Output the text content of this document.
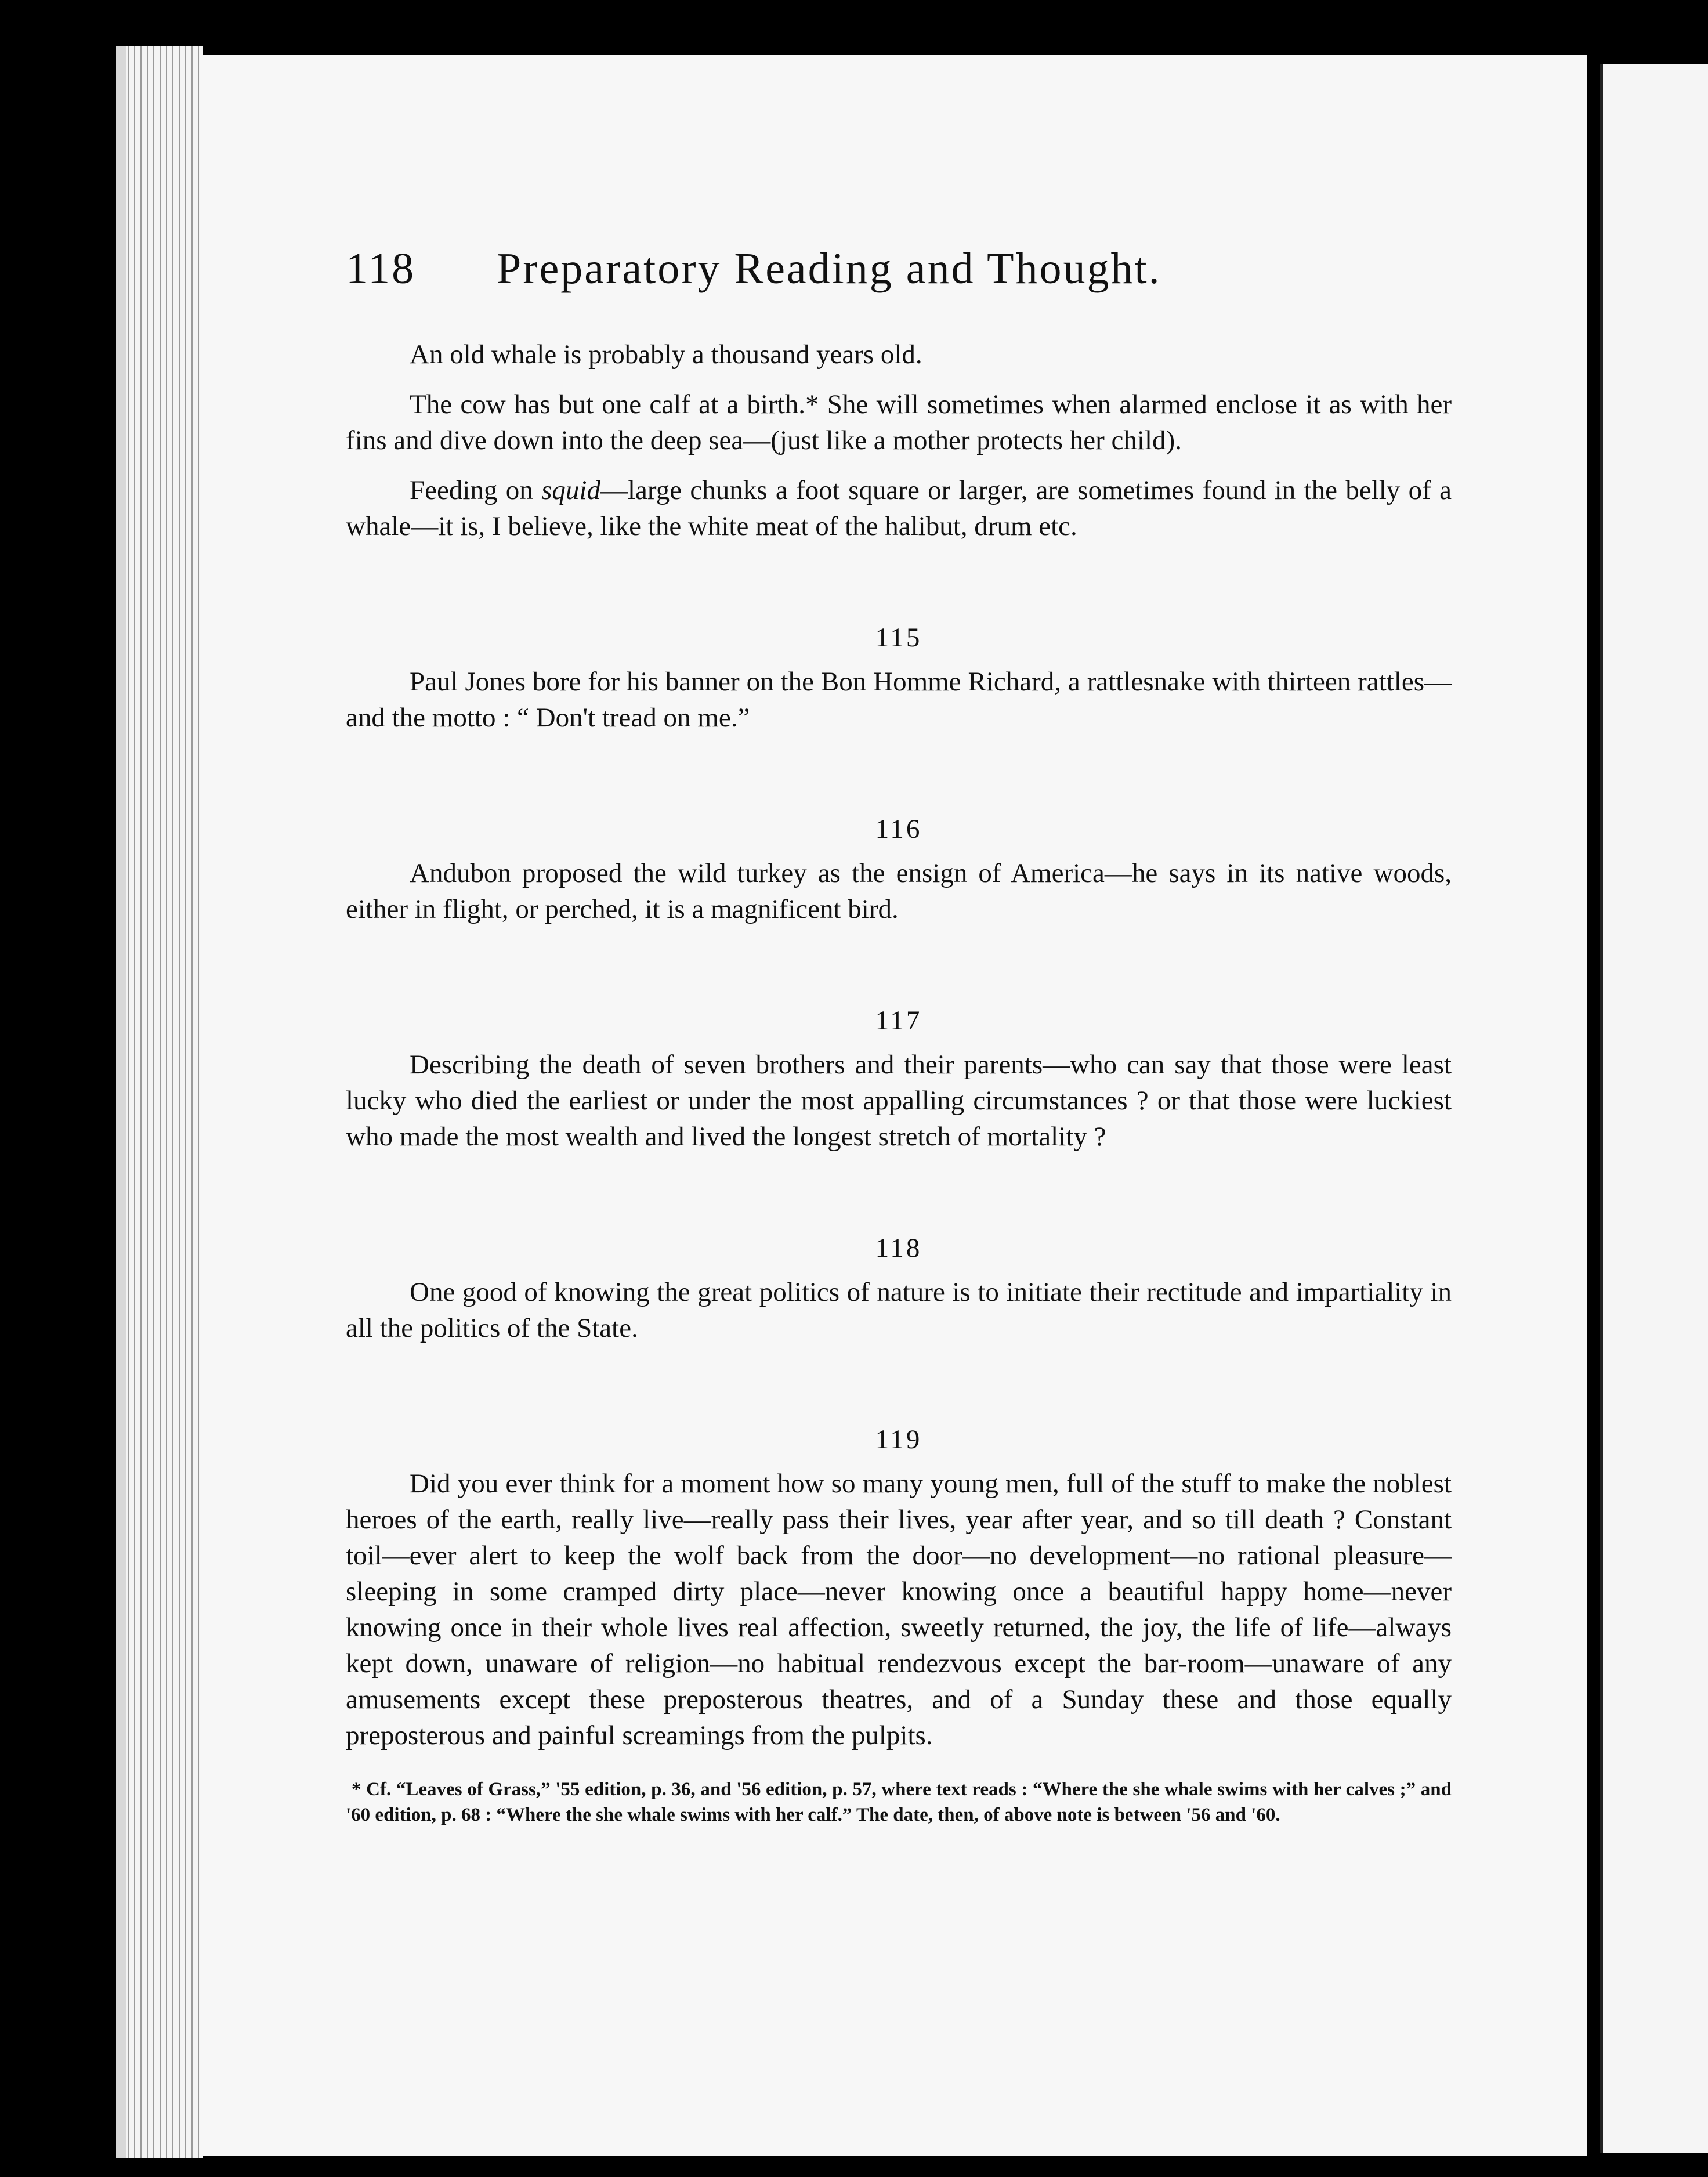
118	Preparatory Reading and Thought.

An old whale is probably a thousand years old.

The cow has but one calf at a birth.* She will sometimes when alarmed enclose it as with her fins and dive down into the deep sea—(just like a mother protects her child).

Feeding on squid—large chunks a foot square or larger, are sometimes found in the belly of a whale—it is, I believe, like the white meat of the halibut, drum etc.

115

Paul Jones bore for his banner on the Bon Homme Richard, a rattlesnake with thirteen rattles—and the motto : “ Don't tread on me.”

116

Andubon proposed the wild turkey as the ensign of America—he says in its native woods, either in flight, or perched, it is a magnificent bird.

117

Describing the death of seven brothers and their parents—who can say that those were least lucky who died the earliest or under the most appalling circumstances ? or that those were luckiest who made the most wealth and lived the longest stretch of mortality ?

118

One good of knowing the great politics of nature is to initiate their rectitude and impartiality in all the politics of the State.

119

Did you ever think for a moment how so many young men, full of the stuff to make the noblest heroes of the earth, really live—really pass their lives, year after year, and so till death ? Constant toil—ever alert to keep the wolf back from the door—no development—no rational pleasure—sleeping in some cramped dirty place—never knowing once a beautiful happy home—never knowing once in their whole lives real affection, sweetly returned, the joy, the life of life—always kept down, unaware of religion—no habitual rendezvous except the bar-room—unaware of any amusements except these preposterous theatres, and of a Sunday these and those equally preposterous and painful screamings from the pulpits.

* Cf. “Leaves of Grass,” '55 edition, p. 36, and '56 edition, p. 57, where text reads : “Where the she whale swims with her calves ;” and '60 edition, p. 68 : “Where the she whale swims with her calf.” The date, then, of above note is between '56 and '60.
